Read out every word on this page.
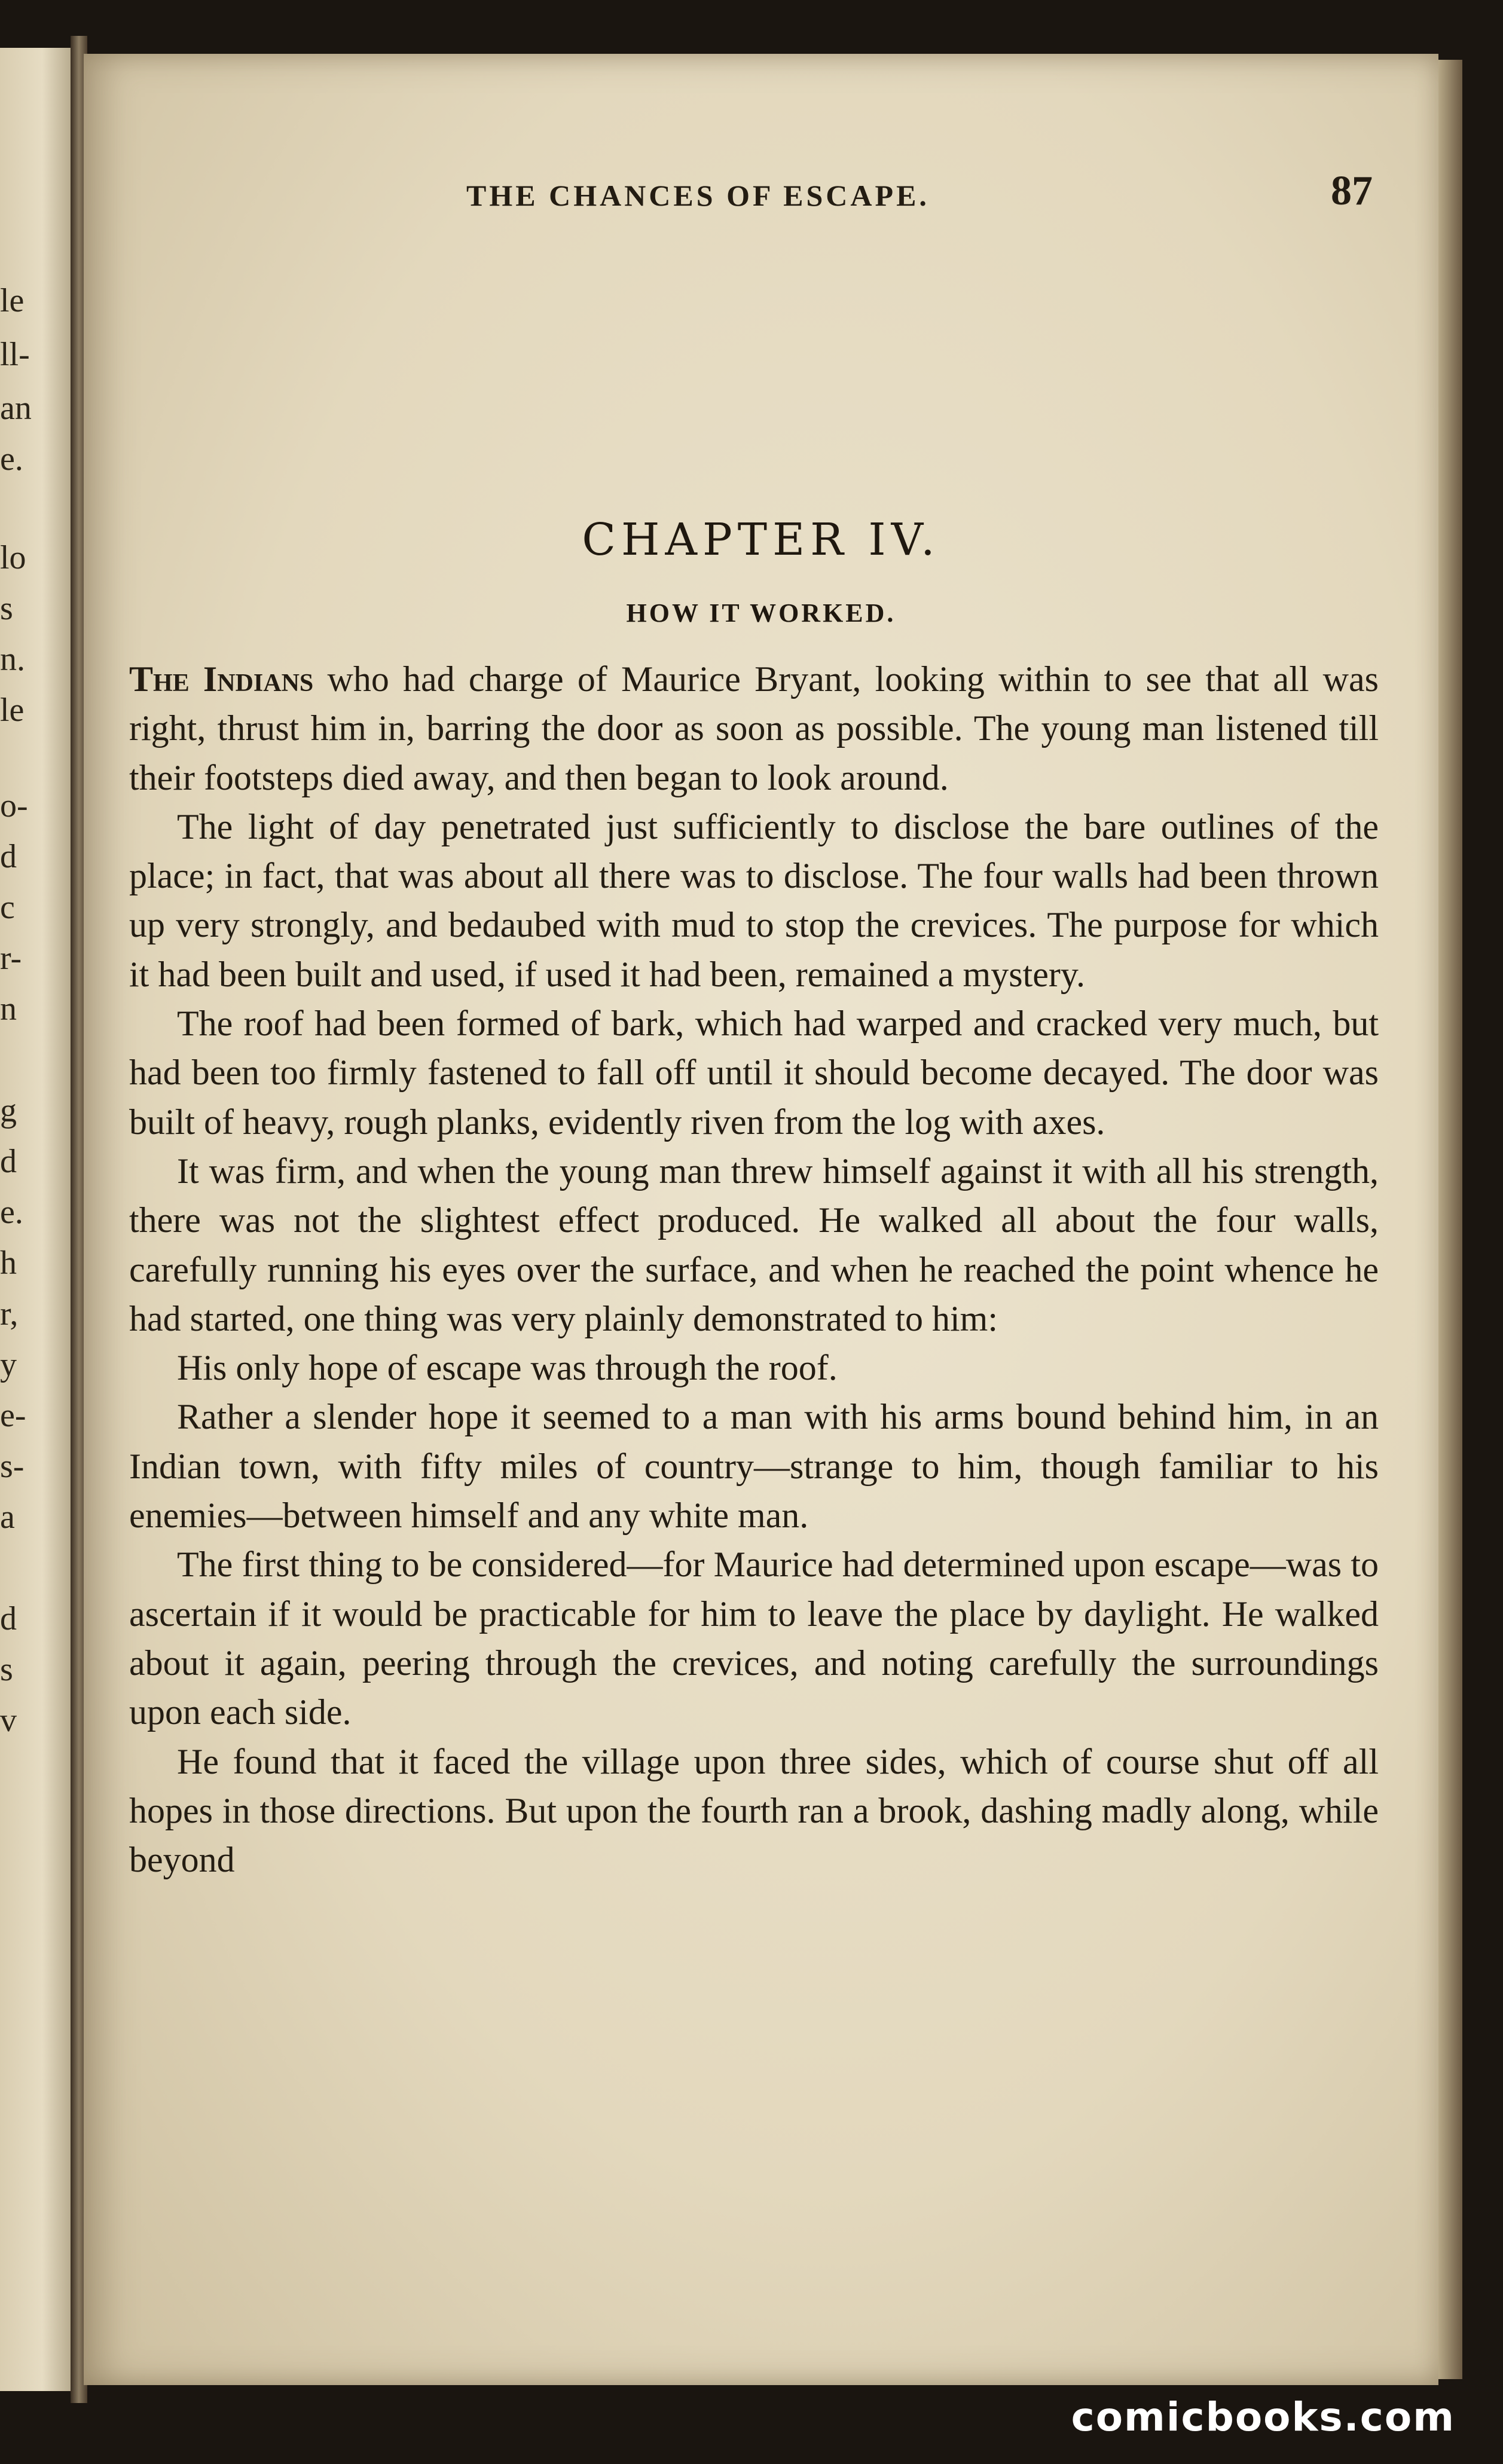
le
ll-
an
e.
lo
s
n.
le
o-
d
c
r-
n
g
d
e.
h
r,
y
e-
s-
a
d
s
v
THE CHANCES OF ESCAPE.	87
CHAPTER IV.
HOW IT WORKED.

The Indians who had charge of Maurice Bryant, looking within to see that all was right, thrust him in, barring the door as soon as possible. The young man listened till their footsteps died away, and then began to look around.

The light of day penetrated just sufficiently to disclose the bare outlines of the place; in fact, that was about all there was to disclose. The four walls had been thrown up very strongly, and bedaubed with mud to stop the crevices. The purpose for which it had been built and used, if used it had been, remained a mystery.

The roof had been formed of bark, which had warped and cracked very much, but had been too firmly fastened to fall off until it should become decayed. The door was built of heavy, rough planks, evidently riven from the log with axes.

It was firm, and when the young man threw himself against it with all his strength, there was not the slightest effect produced. He walked all about the four walls, carefully running his eyes over the surface, and when he reached the point whence he had started, one thing was very plainly demonstrated to him:

His only hope of escape was through the roof.

Rather a slender hope it seemed to a man with his arms bound behind him, in an Indian town, with fifty miles of country—strange to him, though familiar to his enemies—between himself and any white man.

The first thing to be considered—for Maurice had determined upon escape—was to ascertain if it would be practicable for him to leave the place by daylight. He walked about it again, peering through the crevices, and noting carefully the surroundings upon each side.

He found that it faced the village upon three sides, which of course shut off all hopes in those directions. But upon the fourth ran a brook, dashing madly along, while beyond

comicbooks.com
